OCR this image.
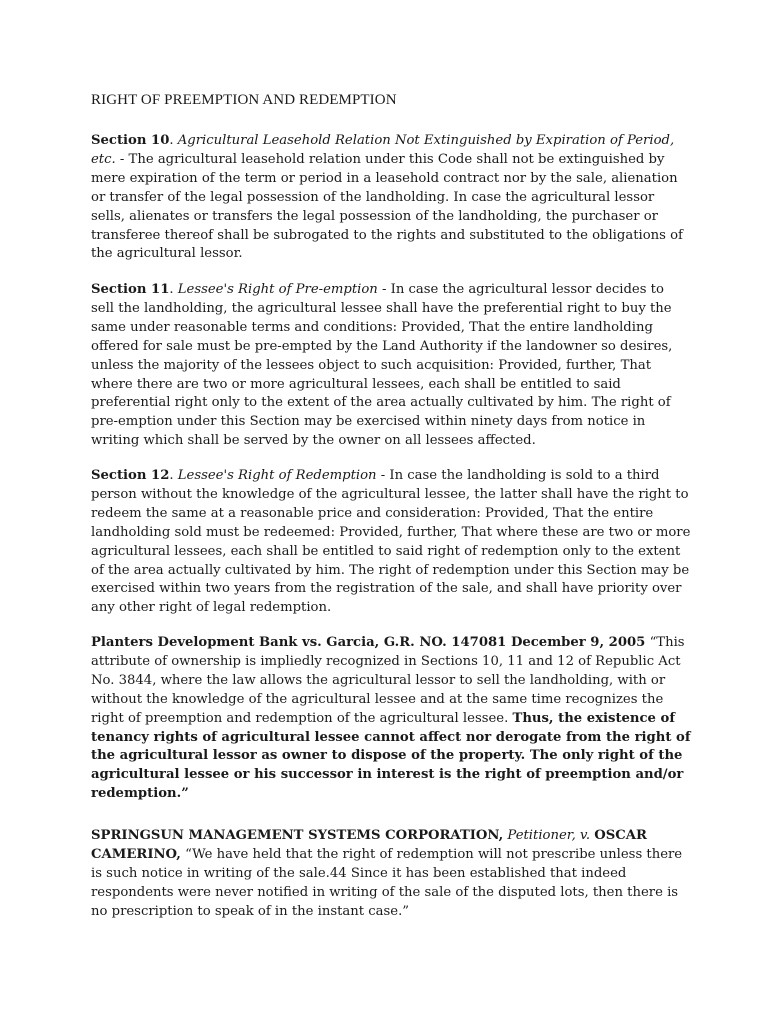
RIGHT OF PREEMPTION AND REDEMPTION

Section 10. Agricultural Leasehold Relation Not Extinguished by Expiration of Period, etc. - The agricultural leasehold relation under this Code shall not be extinguished by mere expiration of the term or period in a leasehold contract nor by the sale, alienation or transfer of the legal possession of the landholding. In case the agricultural lessor sells, alienates or transfers the legal possession of the landholding, the purchaser or transferee thereof shall be subrogated to the rights and substituted to the obligations of the agricultural lessor.

Section 11. Lessee's Right of Pre-emption - In case the agricultural lessor decides to sell the landholding, the agricultural lessee shall have the preferential right to buy the same under reasonable terms and conditions: Provided, That the entire landholding offered for sale must be pre-empted by the Land Authority if the landowner so desires, unless the majority of the lessees object to such acquisition: Provided, further, That where there are two or more agricultural lessees, each shall be entitled to said preferential right only to the extent of the area actually cultivated by him. The right of pre-emption under this Section may be exercised within ninety days from notice in writing which shall be served by the owner on all lessees affected.

Section 12. Lessee's Right of Redemption - In case the landholding is sold to a third person without the knowledge of the agricultural lessee, the latter shall have the right to redeem the same at a reasonable price and consideration: Provided, That the entire landholding sold must be redeemed: Provided, further, That where these are two or more agricultural lessees, each shall be entitled to said right of redemption only to the extent of the area actually cultivated by him. The right of redemption under this Section may be exercised within two years from the registration of the sale, and shall have priority over any other right of legal redemption.

Planters Development Bank vs. Garcia, G.R. NO. 147081 December 9, 2005 “This attribute of ownership is impliedly recognized in Sections 10, 11 and 12 of Republic Act No. 3844, where the law allows the agricultural lessor to sell the landholding, with or without the knowledge of the agricultural lessee and at the same time recognizes the right of preemption and redemption of the agricultural lessee. Thus, the existence of tenancy rights of agricultural lessee cannot affect nor derogate from the right of the agricultural lessor as owner to dispose of the property. The only right of the agricultural lessee or his successor in interest is the right of preemption and/or redemption.”

SPRINGSUN MANAGEMENT SYSTEMS CORPORATION, Petitioner, v. OSCAR CAMERINO, “We have held that the right of redemption will not prescribe unless there is such notice in writing of the sale.44 Since it has been established that indeed respondents were never notified in writing of the sale of the disputed lots, then there is no prescription to speak of in the instant case.”
